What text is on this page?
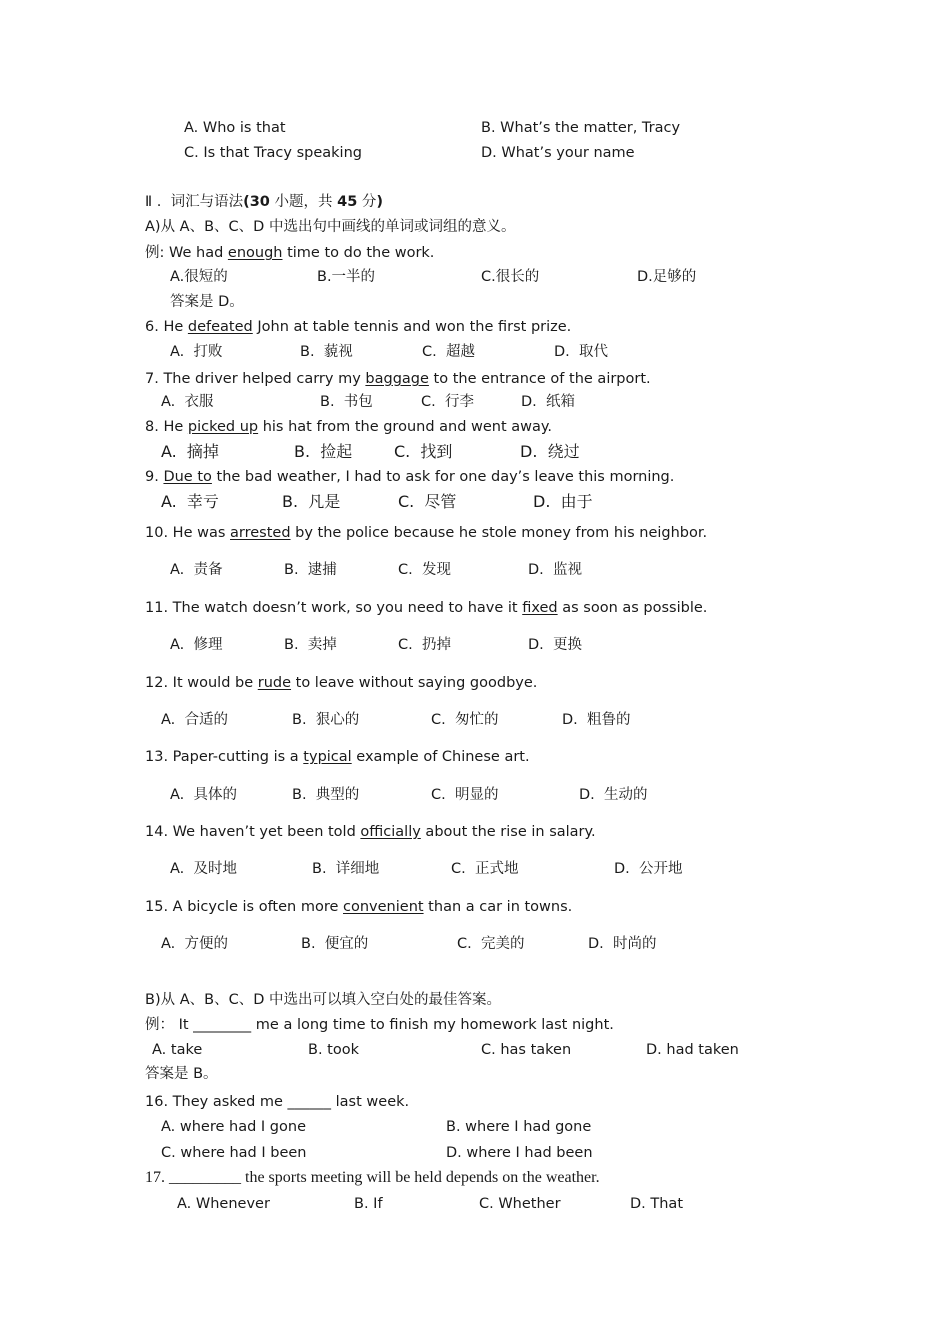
A. Who is that	B. What’s the matter, Tracy
C. Is that Tracy speaking	D. What’s your name
Ⅱ .  词汇与语法(30 小题，共 45 分)
A)从 A、B、C、D 中选出句中画线的单词或词组的意义。
例: We had enough time to do the work.
A.很短的	B.一半的	C.很长的	D.足够的
答案是 D。
6. He defeated John at table tennis and won the first prize.
A.  打败	B.  藐视	C.  超越	D.  取代
7. The driver helped carry my baggage to the entrance of the airport.
A.  衣服	B.  书包	C.  行李	D.  纸箱
8. He picked up his hat from the ground and went away.
A.  摘掉	B.  捡起	C.  找到	D.  绕过
9. Due to the bad weather, I had to ask for one day’s leave this morning.
A.  幸亏	B.  凡是	C.  尽管	D.  由于
10. He was arrested by the police because he stole money from his neighbor.
A.  责备	B.  逮捕	C.  发现	D.  监视
11. The watch doesn’t work, so you need to have it fixed as soon as possible.
A.  修理	B.  卖掉	C.  扔掉	D.  更换
12. It would be rude to leave without saying goodbye.
A.  合适的	B.  狠心的	C.  匆忙的	D.  粗鲁的
13. Paper-cutting is a typical example of Chinese art.
A.  具体的	B.  典型的	C.  明显的	D.  生动的
14. We haven’t yet been told officially about the rise in salary.
A.  及时地	B.  详细地	C.  正式地	D.  公开地
15. A bicycle is often more convenient than a car in towns.
A.  方便的	B.  便宜的	C.  完美的	D.  时尚的
B)从 A、B、C、D 中选出可以填入空白处的最佳答案。
例： It ________ me a long time to finish my homework last night.
A. take	B. took	C. has taken	D. had taken
答案是 B。
16. They asked me ______ last week.
A. where had I gone	B. where I had gone
C. where had I been	D. where I had been
17. _________ the sports meeting will be held depends on the weather.
A. Whenever	B. If	C. Whether	D. That
